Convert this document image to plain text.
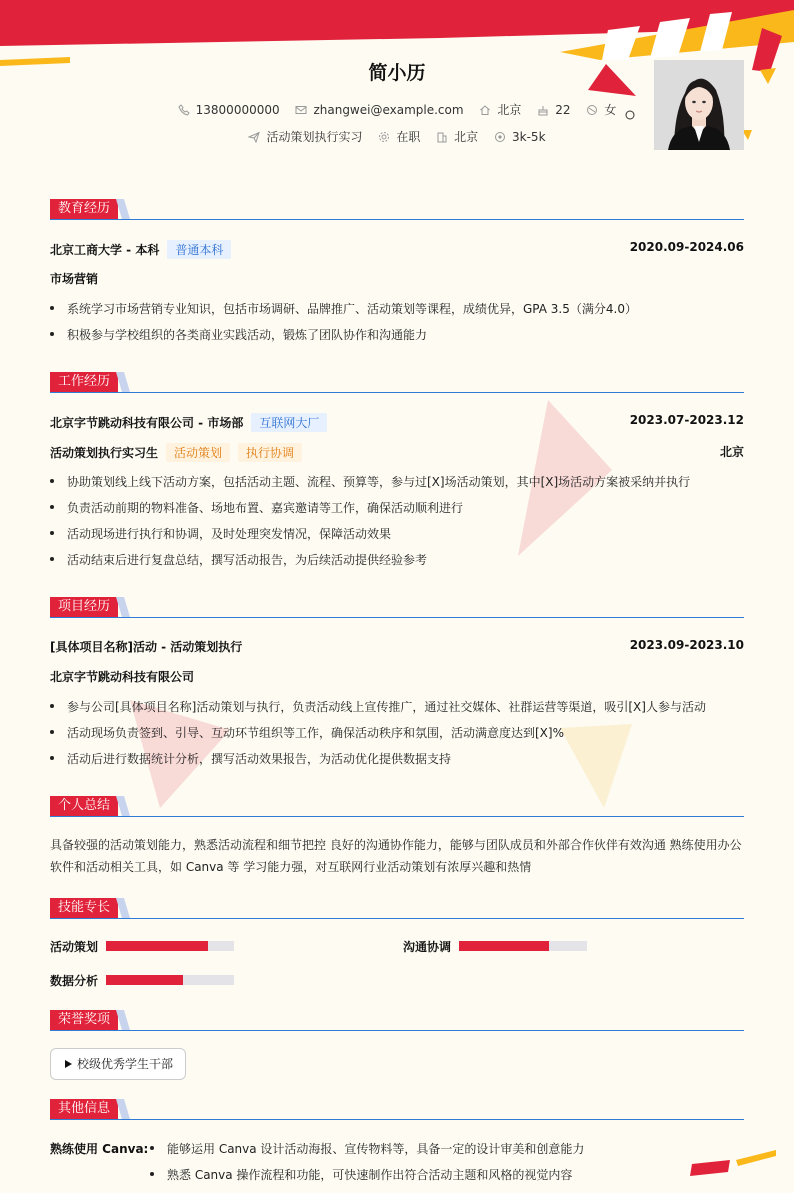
简小历
13800000000	zhangwei@example.com	北京	22	女
活动策划执行实习	在职	北京	3k-5k
教育经历
北京工商大学 - 本科 普通本科	2020.09-2024.06
市场营销
系统学习市场营销专业知识，包括市场调研、品牌推广、活动策划等课程，成绩优异，GPA 3.5（满分4.0）
积极参与学校组织的各类商业实践活动，锻炼了团队协作和沟通能力
工作经历
北京字节跳动科技有限公司 - 市场部 互联网大厂	2023.07-2023.12
活动策划执行实习生 活动策划 执行协调	北京
协助策划线上线下活动方案，包括活动主题、流程、预算等，参与过[X]场活动策划，其中[X]场活动方案被采纳并执行
负责活动前期的物料准备、场地布置、嘉宾邀请等工作，确保活动顺利进行
活动现场进行执行和协调，及时处理突发情况，保障活动效果
活动结束后进行复盘总结，撰写活动报告，为后续活动提供经验参考
项目经历
[具体项目名称]活动 - 活动策划执行	2023.09-2023.10
北京字节跳动科技有限公司
参与公司[具体项目名称]活动策划与执行，负责活动线上宣传推广，通过社交媒体、社群运营等渠道，吸引[X]人参与活动
活动现场负责签到、引导、互动环节组织等工作，确保活动秩序和氛围，活动满意度达到[X]%
活动后进行数据统计分析，撰写活动效果报告，为活动优化提供数据支持
个人总结
具备较强的活动策划能力，熟悉活动流程和细节把控 良好的沟通协作能力，能够与团队成员和外部合作伙伴有效沟通 熟练使用办公软件和活动相关工具，如 Canva 等 学习能力强，对互联网行业活动策划有浓厚兴趣和热情
技能专长
活动策划	沟通协调
数据分析
荣誉奖项
校级优秀学生干部
其他信息
熟练使用 Canva:	能够运用 Canva 设计活动海报、宣传物料等，具备一定的设计审美和创意能力
熟悉 Canva 操作流程和功能，可快速制作出符合活动主题和风格的视觉内容
